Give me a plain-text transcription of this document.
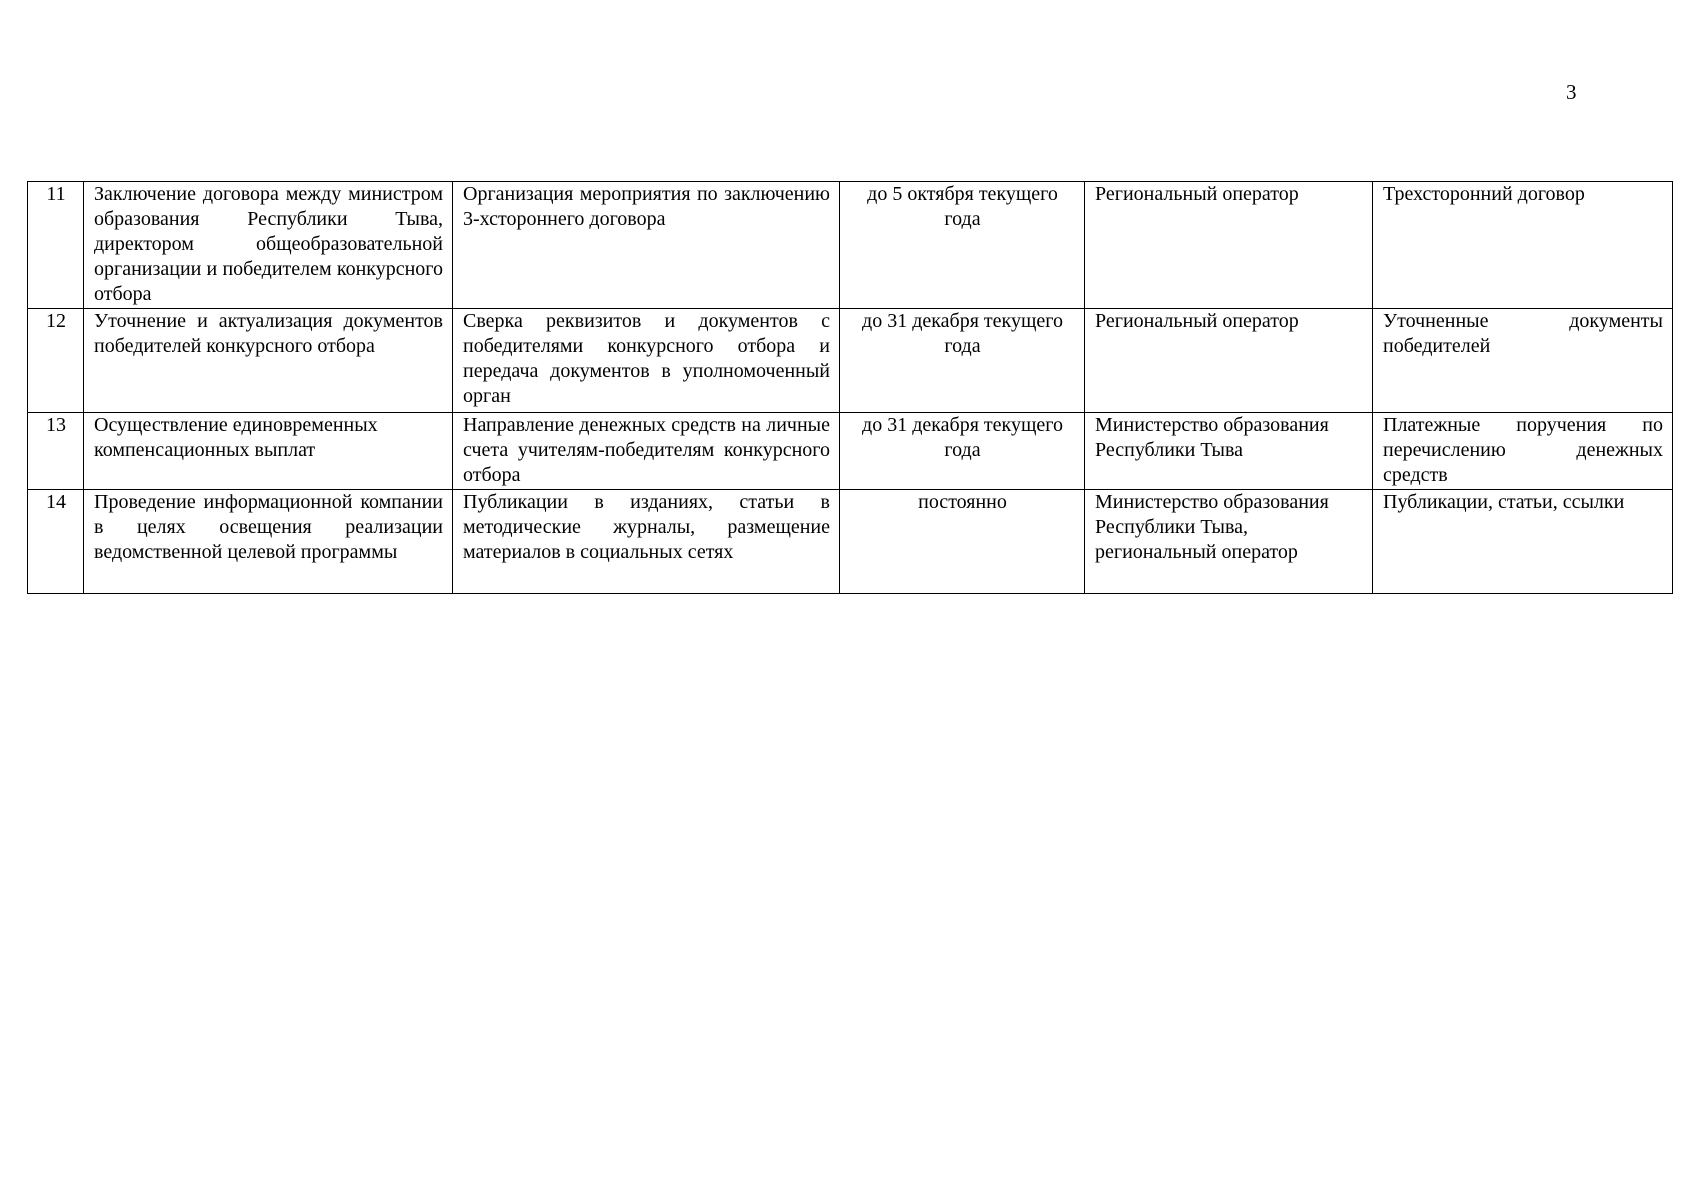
3
11	Заключение договора между министром образования Республики Тыва, директором общеобразовательной организации и победителем конкурсного отбора	Организация мероприятия по заключению 3-хстороннего договора	до 5 октября текущего года	Региональный оператор	Трехсторонний договор
12	Уточнение и актуализация документов победителей конкурсного отбора	Сверка реквизитов и документов с победителями конкурсного отбора и передача документов в уполномоченный орган	до 31 декабря текущего года	Региональный оператор	Уточненные документы победителей
13	Осуществление единовременных компенсационных выплат	Направление денежных средств на личные счета учителям-победителям конкурсного отбора	до 31 декабря текущего года	Министерство образования Республики Тыва	Платежные поручения по перечислению денежных средств
14	Проведение информационной компании в целях освещения реализации ведомственной целевой программы	Публикации в изданиях, статьи в методические журналы, размещение материалов в социальных сетях	постоянно	Министерство образования Республики Тыва, региональный оператор	Публикации, статьи, ссылки
